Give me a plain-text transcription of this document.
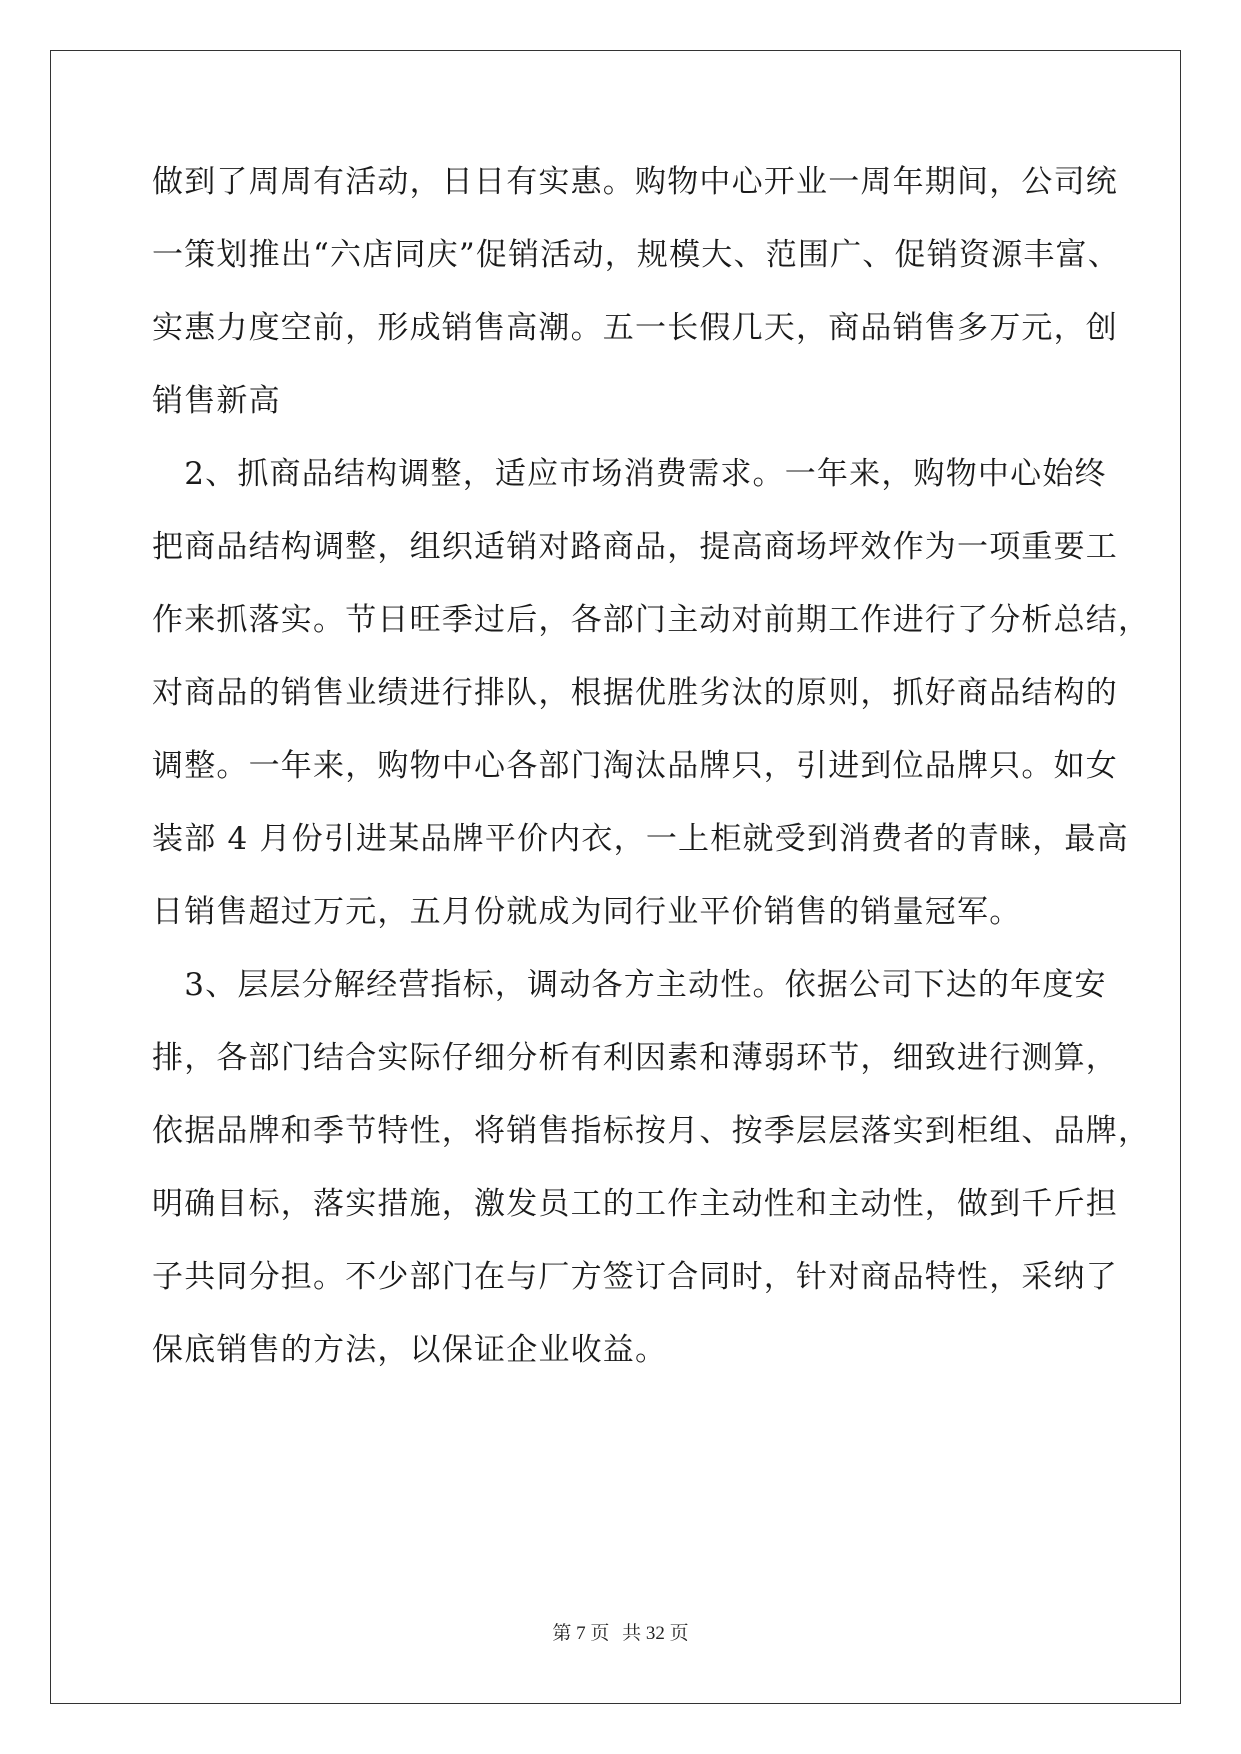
做到了周周有活动，日日有实惠。购物中心开业一周年期间，公司统
一策划推出“六店同庆”促销活动，规模大、范围广、促销资源丰富、
实惠力度空前，形成销售高潮。五一长假几天，商品销售多万元，创
销售新高
　2、抓商品结构调整，适应市场消费需求。一年来，购物中心始终
把商品结构调整，组织适销对路商品，提高商场坪效作为一项重要工
作来抓落实。节日旺季过后，各部门主动对前期工作进行了分析总结，
对商品的销售业绩进行排队，根据优胜劣汰的原则，抓好商品结构的
调整。一年来，购物中心各部门淘汰品牌只，引进到位品牌只。如女
装部 4 月份引进某品牌平价内衣，一上柜就受到消费者的青睐，最高
日销售超过万元，五月份就成为同行业平价销售的销量冠军。
　3、层层分解经营指标，调动各方主动性。依据公司下达的年度安
排，各部门结合实际仔细分析有利因素和薄弱环节，细致进行测算，
依据品牌和季节特性，将销售指标按月、按季层层落实到柜组、品牌，
明确目标，落实措施，激发员工的工作主动性和主动性，做到千斤担
子共同分担。不少部门在与厂方签订合同时，针对商品特性，采纳了
保底销售的方法，以保证企业收益。
第 7 页 共 32 页
